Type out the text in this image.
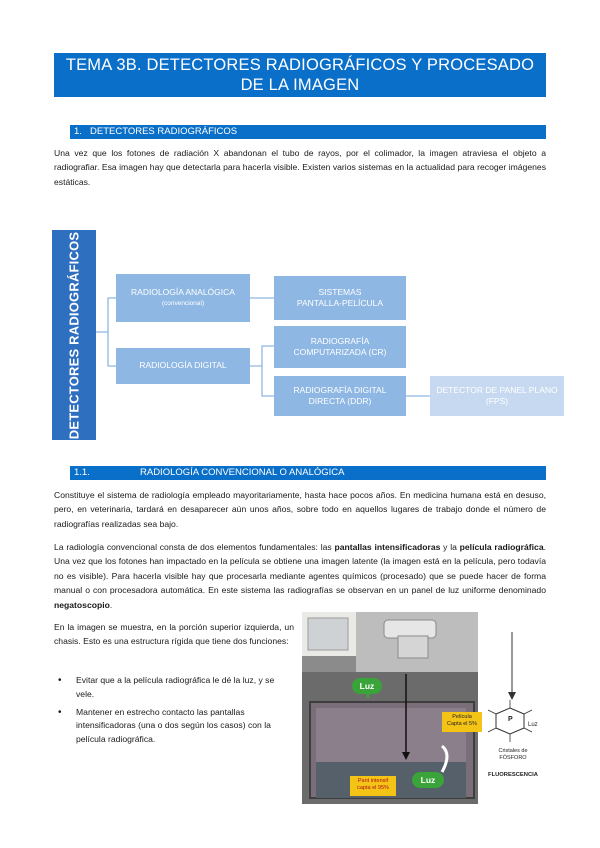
TEMA 3B. DETECTORES RADIOGRÁFICOS Y PROCESADO DE LA IMAGEN
1. DETECTORES RADIOGRÁFICOS
Una vez que los fotones de radiación X abandonan el tubo de rayos, por el colimador, la imagen atraviesa el objeto a radiografiar. Esa imagen hay que detectarla para hacerla visible. Existen varios sistemas en la actualidad para recoger imágenes estáticas.
DETECTORES RADIOGRÁFICOS	RADIOLOGÍA ANALÓGICA
(convencional)
RADIOLOGÍA DIGITAL
SISTEMAS PANTALLA-PELÍCULA
RADIOGRAFÍA COMPUTARIZADA (CR)
RADIOGRAFÍA DIGITAL DIRECTA (DDR)
DETECTOR DE PANEL PLANO (FPS)
1.1.	RADIOLOGÍA CONVENCIONAL O ANALÓGICA
Constituye el sistema de radiología empleado mayoritariamente, hasta hace pocos años. En medicina humana está en desuso, pero, en veterinaria, tardará en desaparecer aún unos años, sobre todo en aquellos lugares de trabajo donde el número de radiografías realizadas sea bajo.
La radiología convencional consta de dos elementos fundamentales: las pantallas intensificadoras y la película radiográfica. Una vez que los fotones han impactado en la película se obtiene una imagen latente (la imagen está en la película, pero todavía no es visible). Para hacerla visible hay que procesarla mediante agentes químicos (procesado) que se puede hacer de forma manual o con procesadora automática. En este sistema las radiografías se observan en un panel de luz uniforme denominado negatoscopio.
En la imagen se muestra, en la porción superior izquierda, un chasis. Esto es una estructura rígida que tiene dos funciones:
• Evitar que a la película radiográfica le dé la luz, y se vele.
• Mantener en estrecho contacto las pantallas intensificadoras (una o dos según los casos) con la película radiográfica.
Luz
Luz
Película
Capta el 5%
Pant intensif
capta el 95%
P
Luz
Cristales de
FÓSFORO
FLUORESCENCIA
